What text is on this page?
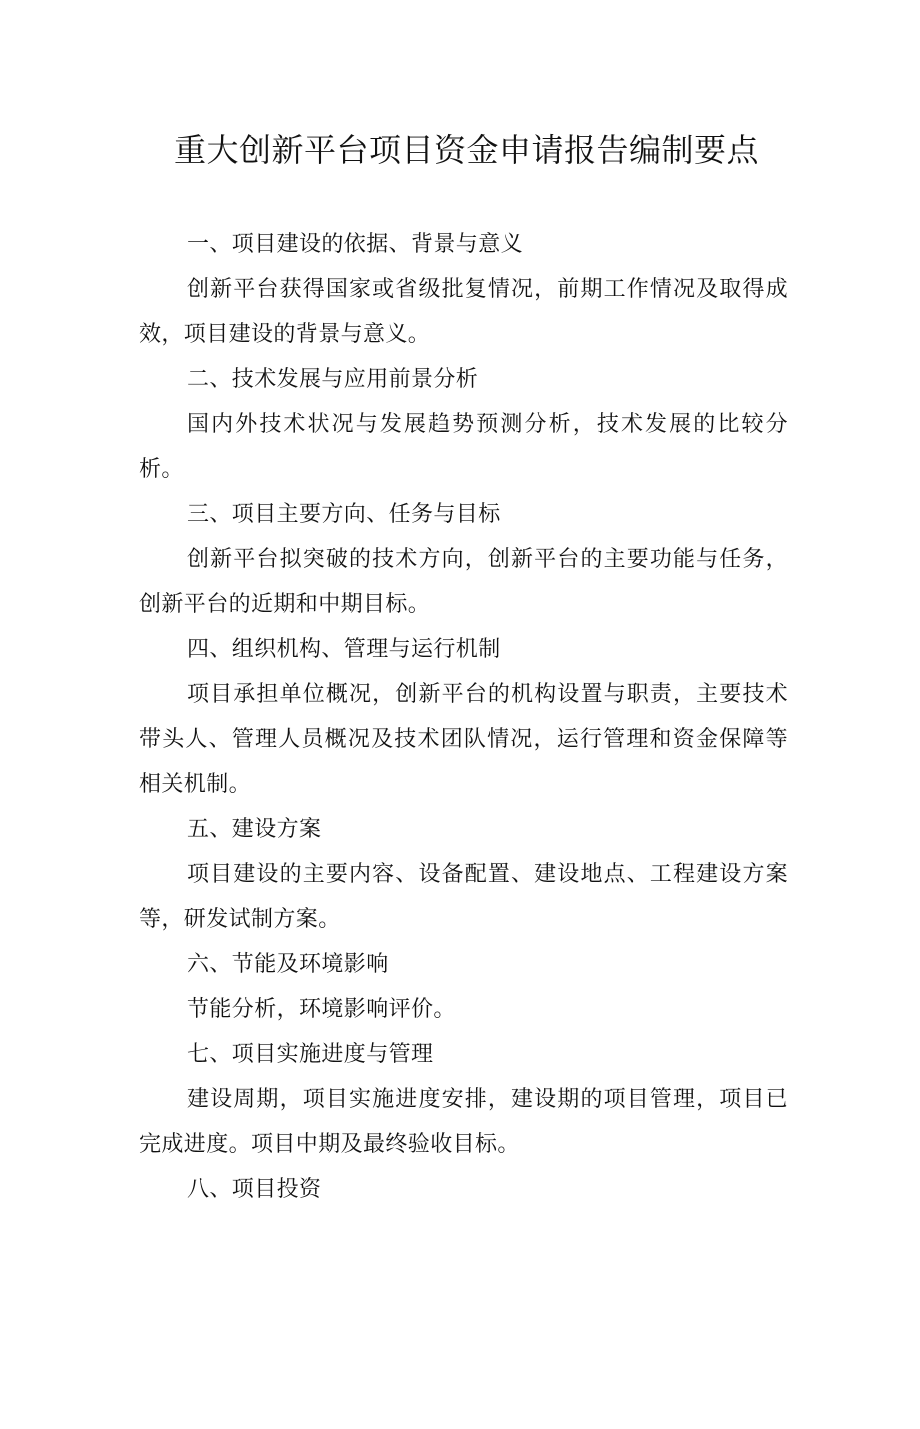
重大创新平台项目资金申请报告编制要点

一、项目建设的依据、背景与意义

创新平台获得国家或省级批复情况，前期工作情况及取得成效，项目建设的背景与意义。

二、技术发展与应用前景分析

国内外技术状况与发展趋势预测分析，技术发展的比较分析。

三、项目主要方向、任务与目标

创新平台拟突破的技术方向，创新平台的主要功能与任务，创新平台的近期和中期目标。

四、组织机构、管理与运行机制

项目承担单位概况，创新平台的机构设置与职责，主要技术带头人、管理人员概况及技术团队情况，运行管理和资金保障等相关机制。

五、建设方案

项目建设的主要内容、设备配置、建设地点、工程建设方案等，研发试制方案。

六、节能及环境影响

节能分析，环境影响评价。

七、项目实施进度与管理

建设周期，项目实施进度安排，建设期的项目管理，项目已完成进度。项目中期及最终验收目标。

八、项目投资
